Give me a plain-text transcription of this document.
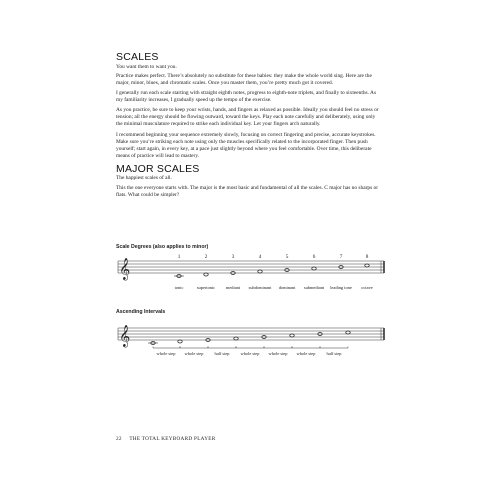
SCALES
You want them to want you.

Practice makes perfect. There’s absolutely no substitute for these babies: they make the whole world sing. Here are the major, minor, blues, and chromatic scales. Once you master them, you’re pretty much got it covered.

I generally run each scale starting with straight eighth notes, progress to eighth-note triplets, and finally to sixteenths. As my familiarity increases, I gradually speed up the tempo of the exercise.

As you practice, be sure to keep your wrists, hands, and fingers as relaxed as possible. Ideally you should feel no stress or tension; all the energy should be flowing outward, toward the keys. Play each note carefully and deliberately, using only the minimal musculature required to strike each individual key. Let your fingers arch naturally.

I recommend beginning your sequence extremely slowly, focusing on correct fingering and precise, accurate keystrokes. Make sure you’re striking each note using only the muscles specifically related to the incorporated finger. Then push yourself; start again, in every key, at a pace just slightly beyond where you feel comfortable. Over time, this deliberate means of practice will lead to mastery.

MAJOR SCALES
The happiest scales of all.

This the one everyone starts with. The major is the most basic and fundamental of all the scales. C major has no sharps or flats. What could be simpler?

Scale Degrees (also applies to minor)
Ascending Intervals
𝄞
𝄞
1	2	3	4	5	6	7	8
tonic	supertonic mediant subdominant dominant submediant leading tone octave
whole step whole step	half step	whole step whole step whole step	half step
22 THE TOTAL KEYBOARD PLAYER
